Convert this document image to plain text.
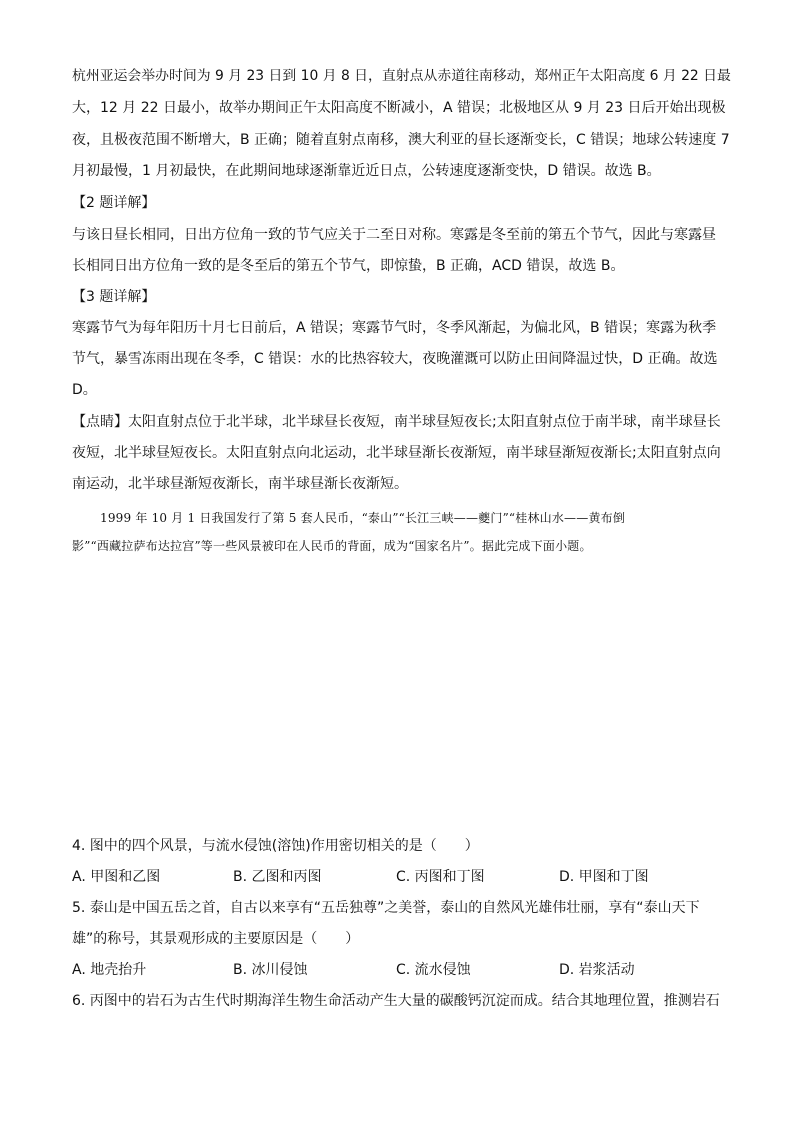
杭州亚运会举办时间为 9 月 23 日到 10 月 8 日，直射点从赤道往南移动，郑州正午太阳高度 6 月 22 日最
大，12 月 22 日最小，故举办期间正午太阳高度不断减小，A 错误；北极地区从 9 月 23 日后开始出现极
夜，且极夜范围不断增大，B 正确；随着直射点南移，澳大利亚的昼长逐渐变长，C 错误；地球公转速度 7
月初最慢，1 月初最快，在此期间地球逐渐靠近近日点，公转速度逐渐变快，D 错误。故选 B。
【2 题详解】
与该日昼长相同，日出方位角一致的节气应关于二至日对称。寒露是冬至前的第五个节气，因此与寒露昼
长相同日出方位角一致的是冬至后的第五个节气，即惊蛰，B 正确，ACD 错误，故选 B。
【3 题详解】
寒露节气为每年阳历十月七日前后，A 错误；寒露节气时，冬季风渐起，为偏北风，B 错误；寒露为秋季
节气，暴雪冻雨出现在冬季，C 错误：水的比热容较大，夜晚灌溉可以防止田间降温过快，D 正确。故选
D。
【点睛】太阳直射点位于北半球，北半球昼长夜短，南半球昼短夜长;太阳直射点位于南半球，南半球昼长
夜短，北半球昼短夜长。太阳直射点向北运动，北半球昼渐长夜渐短，南半球昼渐短夜渐长;太阳直射点向
南运动，北半球昼渐短夜渐长，南半球昼渐长夜渐短。
1999 年 10 月 1 日我国发行了第 5 套人民币，“泰山”“长江三峡——夔门”“桂林山水——黄布倒
影”“西藏拉萨布达拉宫”等一些风景被印在人民币的背面，成为“国家名片”。据此完成下面小题。
4. 图中的四个风景，与流水侵蚀(溶蚀)作用密切相关的是（　　）
A. 甲图和乙图	B. 乙图和丙图	C. 丙图和丁图	D. 甲图和丁图
5. 泰山是中国五岳之首，自古以来享有“五岳独尊”之美誉，泰山的自然风光雄伟壮丽，享有“泰山天下
雄”的称号，其景观形成的主要原因是（　　）
A. 地壳抬升	B. 冰川侵蚀	C. 流水侵蚀	D. 岩浆活动
6. 丙图中的岩石为古生代时期海洋生物生命活动产生大量的碳酸钙沉淀而成。结合其地理位置，推测岩石
